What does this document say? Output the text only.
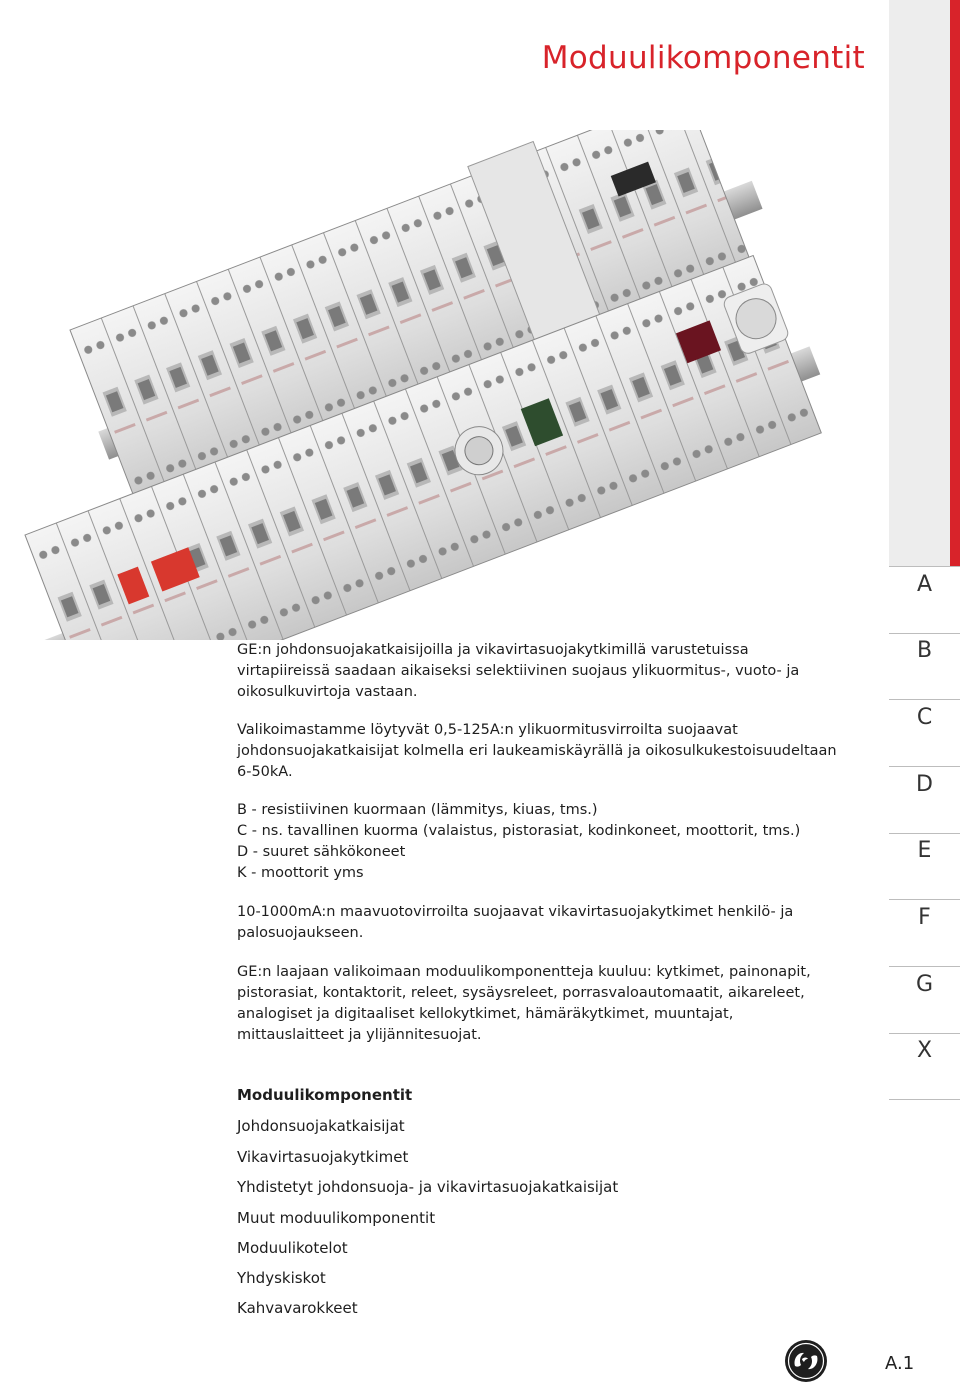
Moduulikomponentit
A
B
C
D
E
F
G
X

GE:n johdonsuojakatkaisijoilla ja vikavirtasuojakytkimillä varustetuissa virtapiireissä saadaan aikaiseksi selektiivinen suojaus ylikuormitus-, vuoto- ja oikosulkuvirtoja vastaan.

Valikoimastamme löytyvät 0,5-125A:n ylikuormitusvirroilta suojaavat johdonsuojakatkaisijat kolmella eri laukeamiskäyrällä ja oikosulkukestoisuudeltaan 6-50kA.

B - resistiivinen kuormaan (lämmitys, kiuas, tms.)

C - ns. tavallinen kuorma (valaistus, pistorasiat, kodinkoneet, moottorit, tms.)

D - suuret sähkökoneet

K - moottorit yms

10-1000mA:n maavuotovirroilta suojaavat vikavirtasuojakytkimet henkilö- ja palosuojaukseen.

GE:n laajaan valikoimaan moduulikomponentteja kuuluu: kytkimet, painonapit, pistorasiat, kontaktorit, releet, sysäysreleet, porrasvaloautomaatit, aikareleet, analogiset ja digitaaliset kellokytkimet, hämäräkytkimet, muuntajat, mittauslaitteet ja ylijännitesuojat.

Moduulikomponentit
Johdonsuojakatkaisijat
Vikavirtasuojakytkimet
Yhdistetyt johdonsuoja- ja vikavirtasuojakatkaisijat
Muut moduulikomponentit
Moduulikotelot
Yhdyskiskot
Kahvavarokkeet
A.1
